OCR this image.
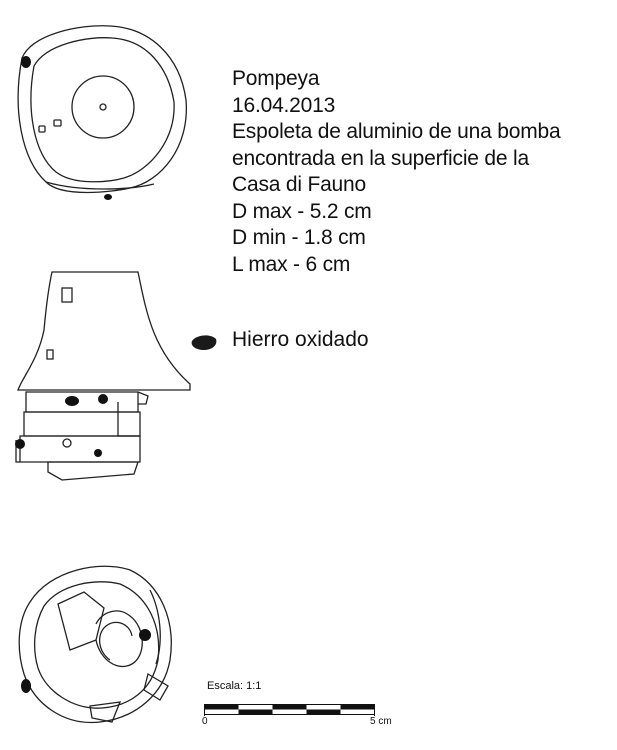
Pompeya
16.04.2013
Espoleta de aluminio de una bomba
encontrada en la superficie de la
Casa di Fauno
D max - 5.2 cm
D min - 1.8 cm
L max - 6 cm
Hierro oxidado
Escala: 1:1
0	5 cm
